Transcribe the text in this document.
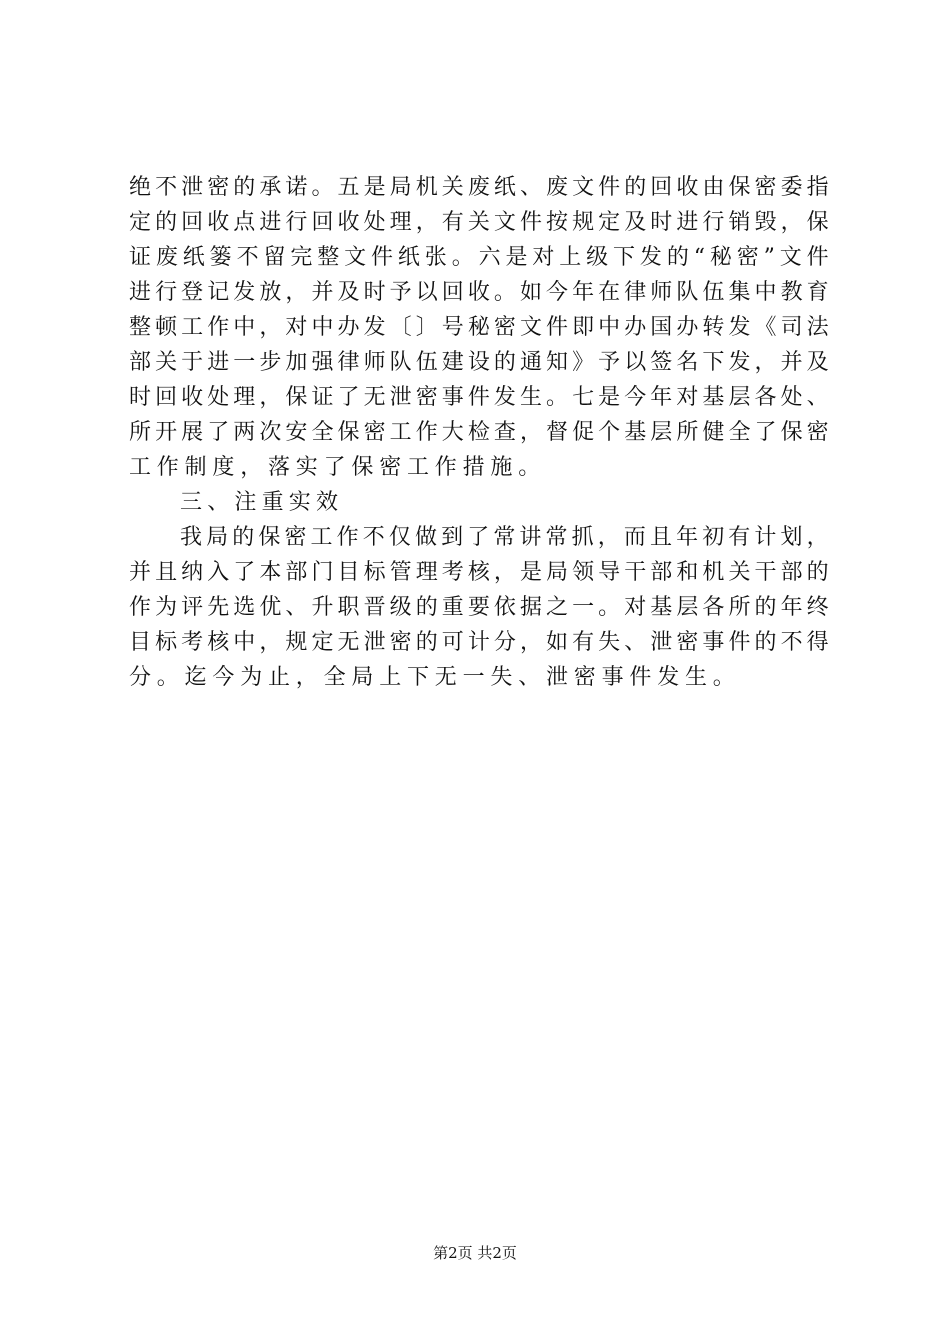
绝 不 泄 密 的 承 诺 。 五 是 局 机 关 废 纸 、 废 文 件 的 回 收 由 保 密 委 指
定 的 回 收 点 进 行 回 收 处 理 ， 有 关 文 件 按 规 定 及 时 进 行 销 毁 ， 保
证 废 纸 篓 不 留 完 整 文 件 纸 张 。 六 是 对 上 级 下 发 的 “ 秘 密 ” 文 件
进 行 登 记 发 放 ， 并 及 时 予 以 回 收 。 如 今 年 在 律 师 队 伍 集 中 教 育
整 顿 工 作 中 ， 对 中 办 发 〔 〕 号 秘 密 文 件 即 中 办 国 办 转 发 《 司 法
部 关 于 进 一 步 加 强 律 师 队 伍 建 设 的 通 知 》 予 以 签 名 下 发 ， 并 及
时 回 收 处 理 ， 保 证 了 无 泄 密 事 件 发 生 。 七 是 今 年 对 基 层 各 处 、
所 开 展 了 两 次 安 全 保 密 工 作 大 检 查 ， 督 促 个 基 层 所 健 全 了 保 密
工作制度，落实了保密工作措施。
三、注重实效
我 局 的 保 密 工 作 不 仅 做 到 了 常 讲 常 抓 ， 而 且 年 初 有 计 划 ，
并 且 纳 入 了 本 部 门 目 标 管 理 考 核 ， 是 局 领 导 干 部 和 机 关 干 部 的
作 为 评 先 选 优 、 升 职 晋 级 的 重 要 依 据 之 一 。 对 基 层 各 所 的 年 终
目 标 考 核 中 ， 规 定 无 泄 密 的 可 计 分 ， 如 有 失 、 泄 密 事 件 的 不 得
分。迄今为止，全局上下无一失、泄密事件发生。
第2页 共2页
